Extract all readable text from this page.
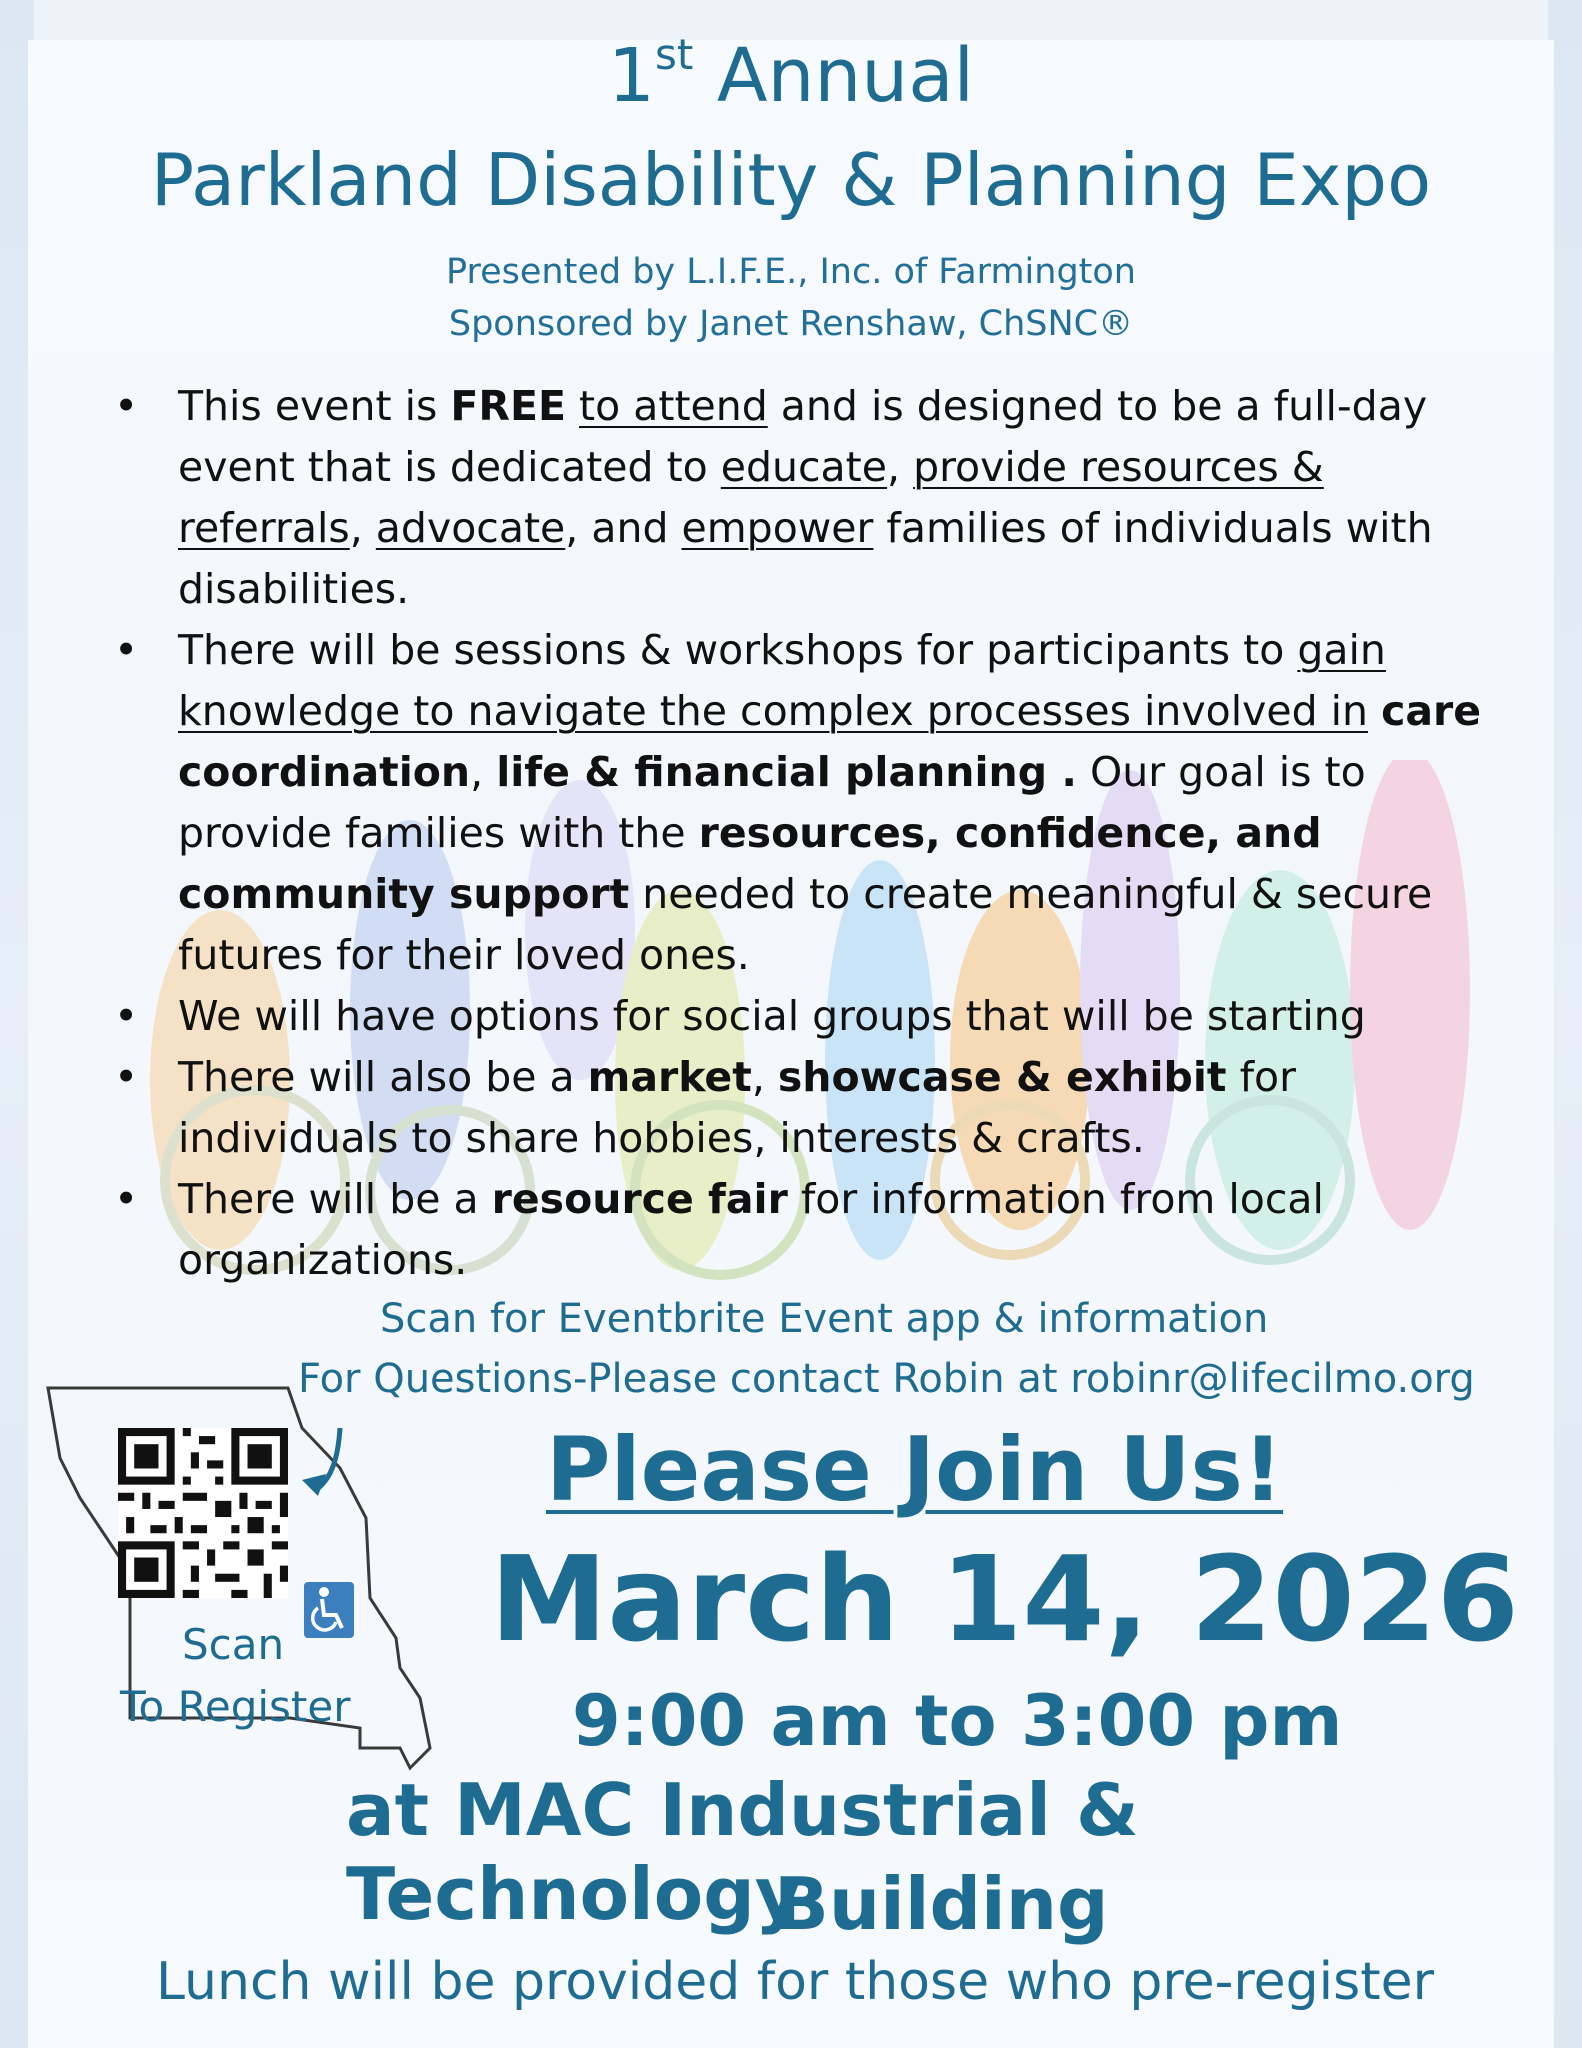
1st Annual
Parkland Disability & Planning Expo
Presented by L.I.F.E., Inc. of Farmington
Sponsored by Janet Renshaw, ChSNC®
• This event is FREE to attend and is designed to be a full-day event that is dedicated to educate, provide resources & referrals, advocate, and empower families of individuals with disabilities.
• There will be sessions & workshops for participants to gain knowledge to navigate the complex processes involved in care coordination, life & financial planning . Our goal is to provide families with the resources, confidence, and community support needed to create meaningful & secure futures for their loved ones.
• We will have options for social groups that will be starting
• There will also be a market, showcase & exhibit for individuals to share hobbies, interests & crafts.
• There will be a resource fair for information from local organizations.
Scan for Eventbrite Event app & information
For Questions-Please contact Robin at robinr@lifecilmo.org
Scan
To Register
Please Join Us!
March 14, 2026
9:00 am to 3:00 pm
at MAC Industrial & Technology
Building
Lunch will be provided for those who pre-register
